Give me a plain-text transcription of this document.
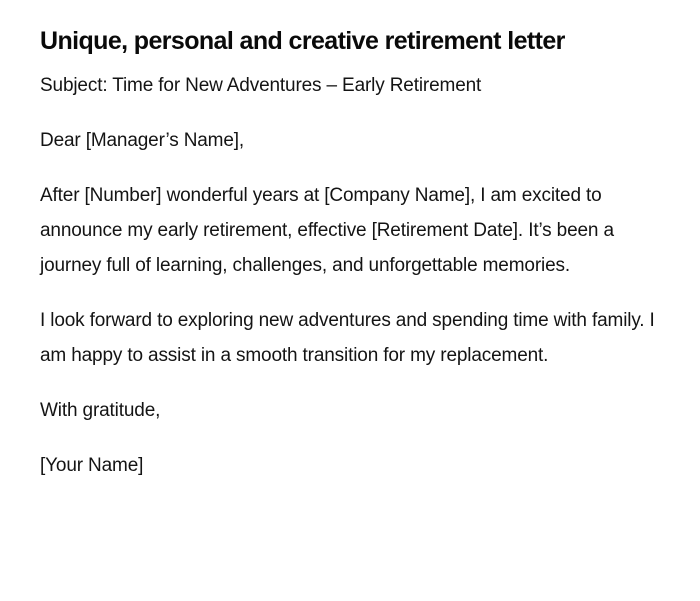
Unique, personal and creative retirement letter

Subject: Time for New Adventures – Early Retirement

Dear [Manager’s Name],

After [Number] wonderful years at [Company Name], I am excited to announce my early retirement, effective [Retirement Date]. It’s been a journey full of learning, challenges, and unforgettable memories.

I look forward to exploring new adventures and spending time with family. I am happy to assist in a smooth transition for my replacement.

With gratitude,

[Your Name]
